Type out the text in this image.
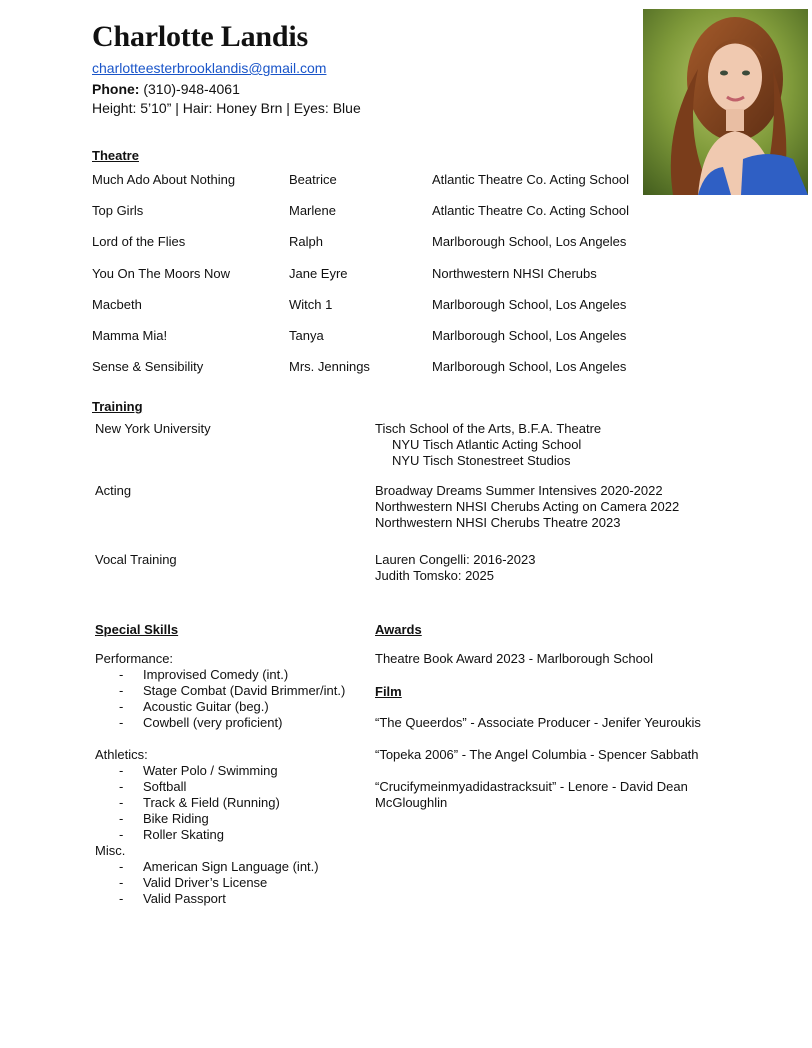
Charlotte Landis
charlotteesterbrooklandis@gmail.com
Phone: (310)-948-4061
Height: 5’10” | Hair: Honey Brn | Eyes: Blue
Theatre
Much Ado About Nothing	Beatrice	Atlantic Theatre Co. Acting School
Top Girls	Marlene	Atlantic Theatre Co. Acting School
Lord of the Flies	Ralph	Marlborough School, Los Angeles
You On The Moors Now	Jane Eyre	Northwestern NHSI Cherubs
Macbeth	Witch 1	Marlborough School, Los Angeles
Mamma Mia!	Tanya	Marlborough School, Los Angeles
Sense & Sensibility	Mrs. Jennings	Marlborough School, Los Angeles
Training
New York University	Tisch School of the Arts, B.F.A. Theatre
NYU Tisch Atlantic Acting School
NYU Tisch Stonestreet Studios
Acting	Broadway Dreams Summer Intensives 2020-2022
Northwestern NHSI Cherubs Acting on Camera 2022
Northwestern NHSI Cherubs Theatre 2023
Vocal Training	Lauren Congelli: 2016-2023
Judith Tomsko: 2025
Special Skills
Performance:
- Improvised Comedy (int.)
- Stage Combat (David Brimmer/int.)
- Acoustic Guitar (beg.)
- Cowbell (very proficient)
Athletics:
- Water Polo / Swimming
- Softball
- Track & Field (Running)
- Bike Riding
- Roller Skating
Misc.
- American Sign Language (int.)
- Valid Driver’s License
- Valid Passport
Awards
Theatre Book Award 2023 - Marlborough School
Film
“The Queerdos” - Associate Producer - Jenifer Yeuroukis
“Topeka 2006” - The Angel Columbia - Spencer Sabbath
“Crucifymeinmyadidastracksuit” - Lenore - David Dean McGloughlin
